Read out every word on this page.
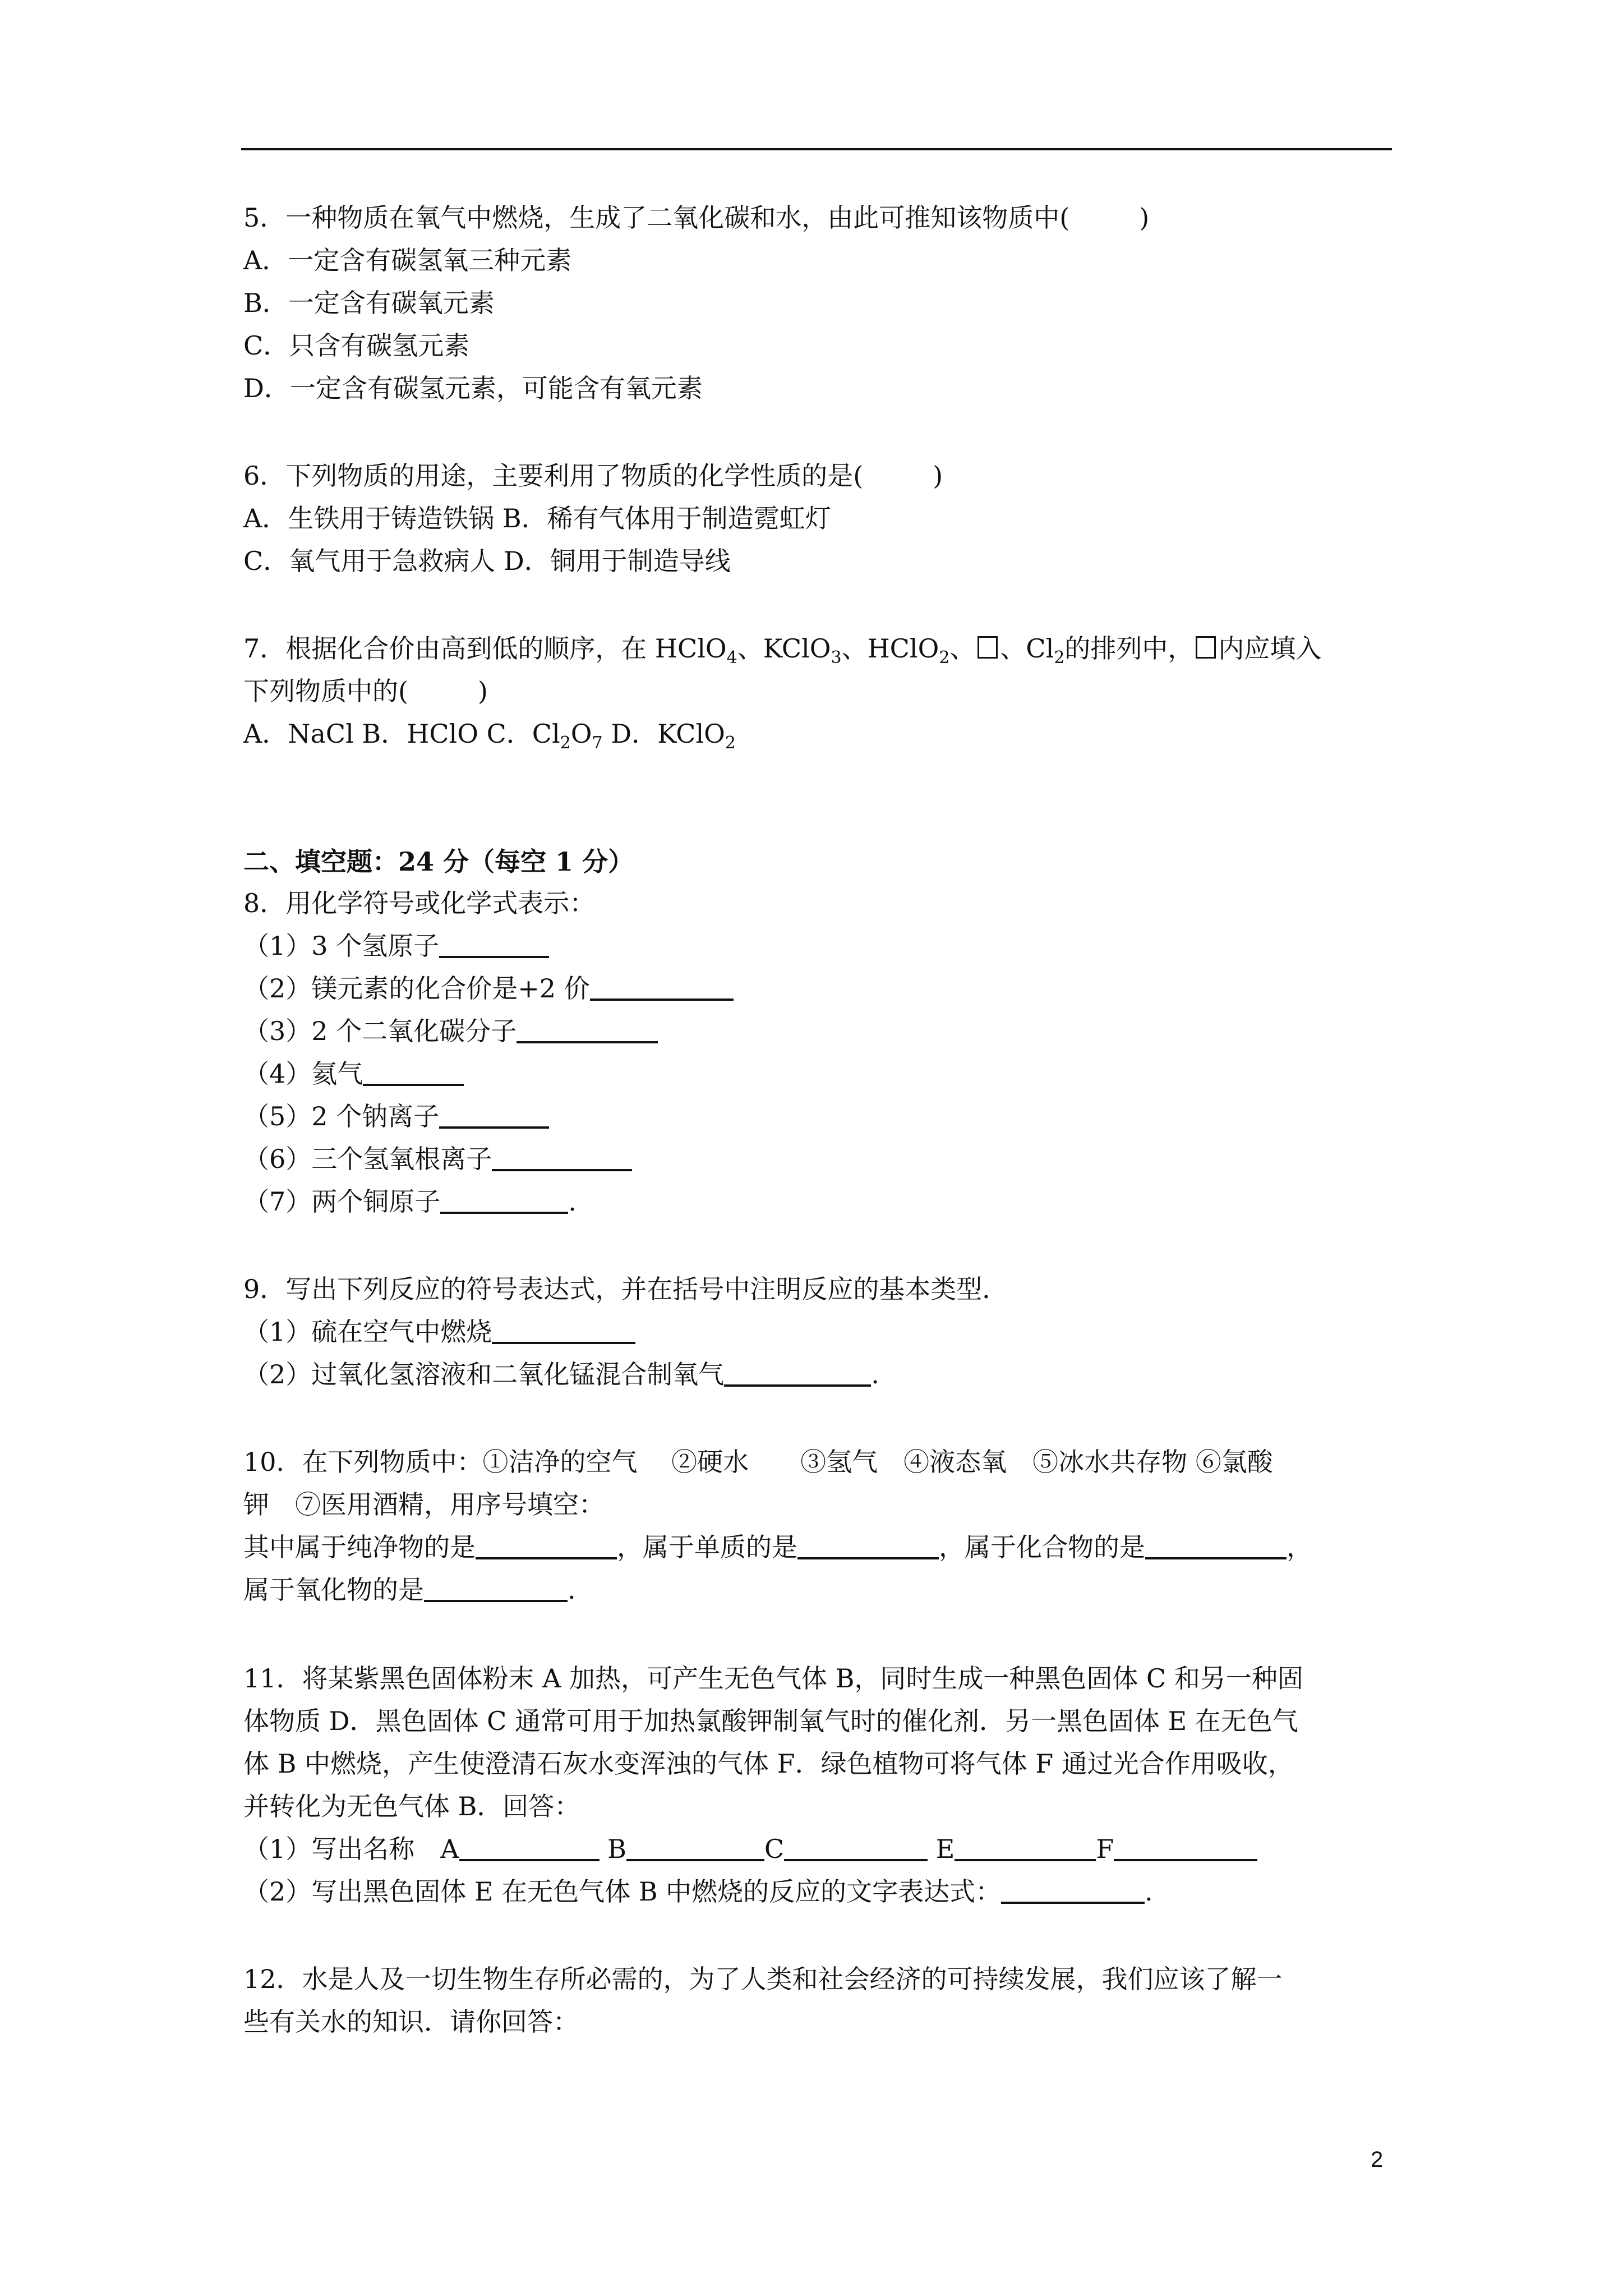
5．一种物质在氧气中燃烧，生成了二氧化碳和水，由此可推知该物质中(	)
A．一定含有碳氢氧三种元素
B．一定含有碳氧元素
C．只含有碳氢元素
D．一定含有碳氢元素，可能含有氧元素
6．下列物质的用途，主要利用了物质的化学性质的是(	)
A．生铁用于铸造铁锅 B．稀有气体用于制造霓虹灯
C．氧气用于急救病人 D．铜用于制造导线
7．根据化合价由高到低的顺序，在 HClO$_4$、KClO$_3$、HClO$_2$、 、$Cl_2$的排列中， 内应填入
下列物质中的(	)
A．NaCl B．HClO C．$Cl_2O_7$ D．KClO$_2$
二、填空题：24 分（每空 1 分）
8．用化学符号或化学式表示：
（1）3 个氢原子
（2）镁元素的化合价是+2 价
（3）2 个二氧化碳分子
（4）氦气
（5）2 个钠离子
（6）三个氢氧根离子
（7）两个铜原子	.
9．写出下列反应的符号表达式，并在括号中注明反应的基本类型．
（1）硫在空气中燃烧
（2）过氧化氢溶液和二氧化锰混合制氧气	.
10．在下列物质中：①洁净的空气　 ②硬水　　③氢气　④液态氧　⑤冰水共存物 ⑥氯酸
钾　⑦医用酒精，用序号填空：
其中属于纯净物的是	，属于单质的是	，属于化合物的是	，
属于氧化物的是	.
11．将某紫黑色固体粉末 A 加热，可产生无色气体 B，同时生成一种黑色固体 C 和另一种固
体物质 D．黑色固体 C 通常可用于加热氯酸钾制氧气时的催化剂．另一黑色固体 E 在无色气
体 B 中燃烧，产生使澄清石灰水变浑浊的气体 F．绿色植物可将气体 F 通过光合作用吸收，
并转化为无色气体 B．回答：
（1）写出名称　A	B	C	E	F
（2）写出黑色固体 E 在无色气体 B 中燃烧的反应的文字表达式：	.
12．水是人及一切生物生存所必需的，为了人类和社会经济的可持续发展，我们应该了解一
些有关水的知识．请你回答：
2
